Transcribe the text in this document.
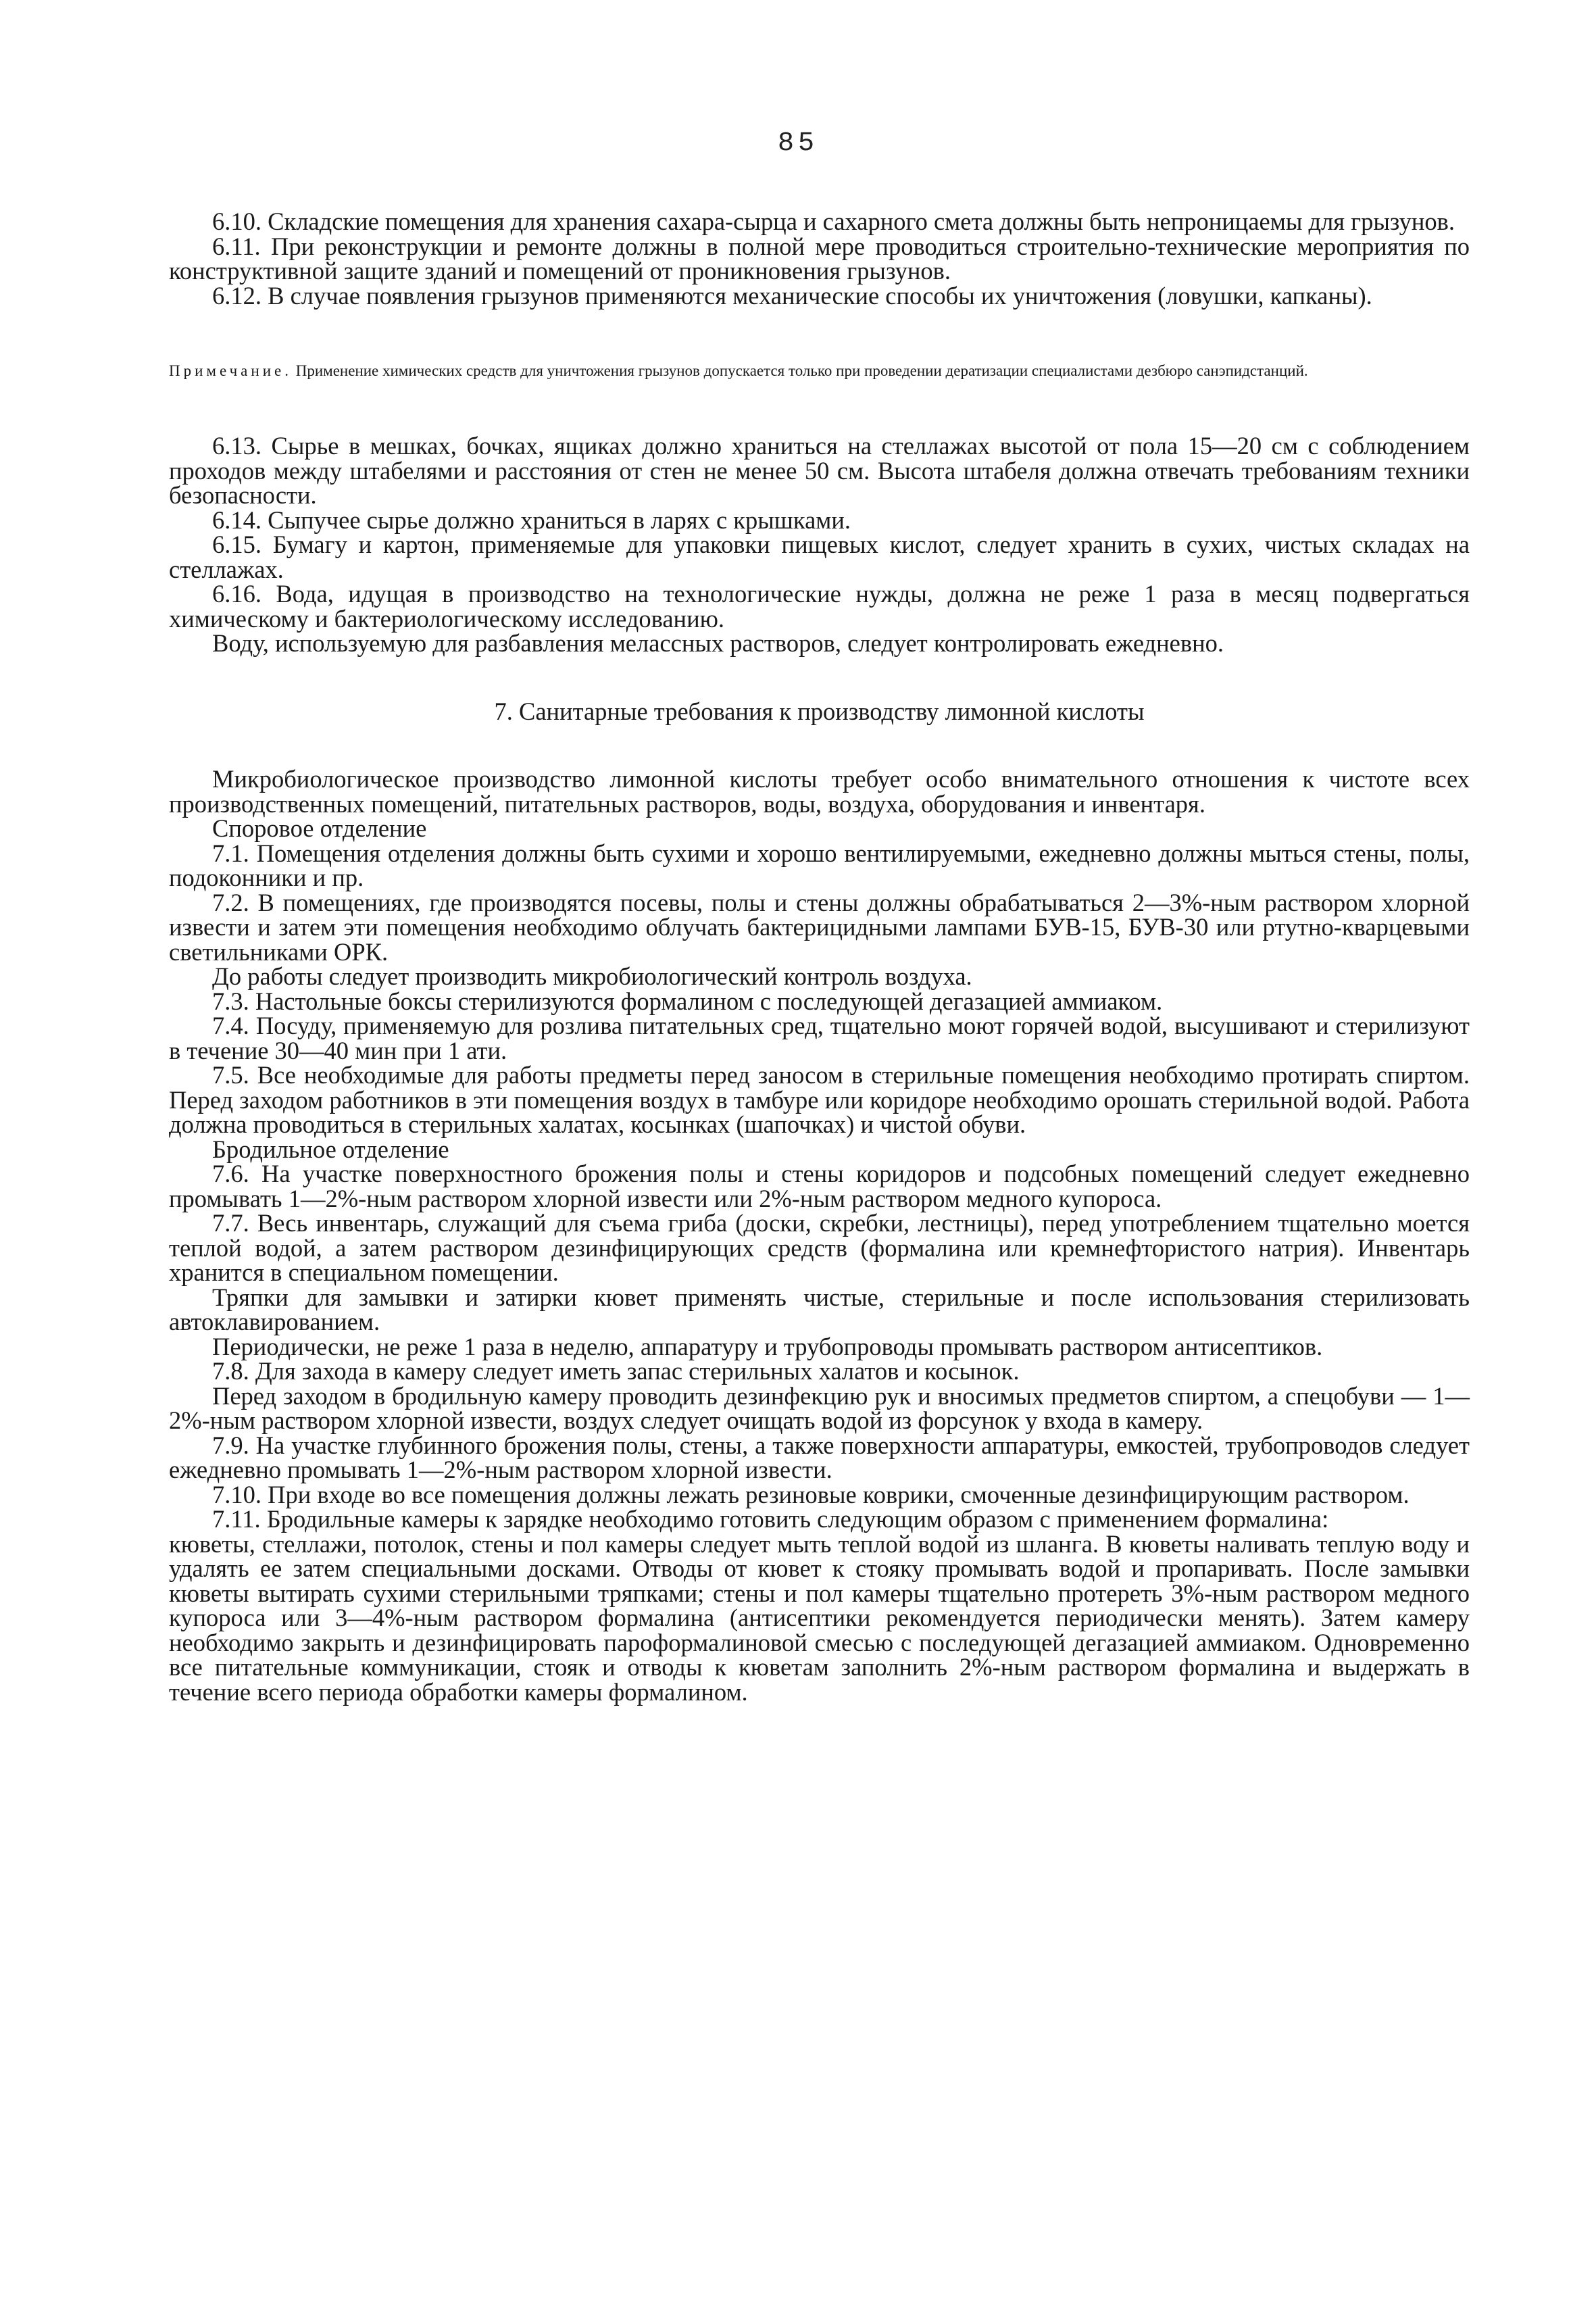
85

6.10. Складские помещения для хранения сахара-сырца и сахарного смета должны быть непроницаемы для грызунов.

6.11. При реконструкции и ремонте должны в полной мере проводиться строительно-технические мероприятия по конструктивной защите зданий и помещений от проникновения грызунов.

6.12. В случае появления грызунов применяются механические способы их уничтожения (ловушки, капканы).

Примечание. Применение химических средств для уничтожения грызунов допускается только при проведении дератизации специалистами дезбюро санэпидстанций.

6.13. Сырье в мешках, бочках, ящиках должно храниться на стеллажах высотой от пола 15—20 см с соблюдением проходов между штабелями и расстояния от стен не менее 50 см. Высота штабеля должна отвечать требованиям техники безопасности.

6.14. Сыпучее сырье должно храниться в ларях с крышками.

6.15. Бумагу и картон, применяемые для упаковки пищевых кислот, следует хранить в сухих, чистых складах на стеллажах.

6.16. Вода, идущая в производство на технологические нужды, должна не реже 1 раза в месяц подвергаться химическому и бактериологическому исследованию.

Воду, используемую для разбавления мелассных растворов, следует контролировать ежедневно.

7. Санитарные требования к производству лимонной кислоты

Микробиологическое производство лимонной кислоты требует особо внимательного отношения к чистоте всех производственных помещений, питательных растворов, воды, воздуха, оборудования и инвентаря.

Споровое отделение

7.1. Помещения отделения должны быть сухими и хорошо вентилируемыми, ежедневно должны мыться стены, полы, подоконники и пр.

7.2. В помещениях, где производятся посевы, полы и стены должны обрабатываться 2—3%-ным раствором хлорной извести и затем эти помещения необходимо облучать бактерицидными лампами БУВ-15, БУВ-30 или ртутно-кварцевыми светильниками ОРК.

До работы следует производить микробиологический контроль воздуха.

7.3. Настольные боксы стерилизуются формалином с последующей дегазацией аммиаком.

7.4. Посуду, применяемую для розлива питательных сред, тщательно моют горячей водой, высушивают и стерилизуют в течение 30—40 мин при 1 ати.

7.5. Все необходимые для работы предметы перед заносом в стерильные помещения необходимо протирать спиртом. Перед заходом работников в эти помещения воздух в тамбуре или коридоре необходимо орошать стерильной водой. Работа должна проводиться в стерильных халатах, косынках (шапочках) и чистой обуви.

Бродильное отделение

7.6. На участке поверхностного брожения полы и стены коридоров и подсобных помещений следует ежедневно промывать 1—2%-ным раствором хлорной извести или 2%-ным раствором медного купороса.

7.7. Весь инвентарь, служащий для съема гриба (доски, скребки, лестницы), перед употреблением тщательно моется теплой водой, а затем раствором дезинфицирующих средств (формалина или кремнефтористого натрия). Инвентарь хранится в специальном помещении.

Тряпки для замывки и затирки кювет применять чистые, стерильные и после использования стерилизовать автоклавированием.

Периодически, не реже 1 раза в неделю, аппаратуру и трубопроводы промывать раствором антисептиков.

7.8. Для захода в камеру следует иметь запас стерильных халатов и косынок.

Перед заходом в бродильную камеру проводить дезинфекцию рук и вносимых предметов спиртом, а спецобуви — 1—2%-ным раствором хлорной извести, воздух следует очищать водой из форсунок у входа в камеру.

7.9. На участке глубинного брожения полы, стены, а также поверхности аппаратуры, емкостей, трубопроводов следует ежедневно промывать 1—2%-ным раствором хлорной извести.

7.10. При входе во все помещения должны лежать резиновые коврики, смоченные дезинфицирующим раствором.

7.11. Бродильные камеры к зарядке необходимо готовить следующим образом с применением формалина:

кюветы, стеллажи, потолок, стены и пол камеры следует мыть теплой водой из шланга. В кюветы наливать теплую воду и удалять ее затем специальными досками. Отводы от кювет к стояку промывать водой и пропаривать. После замывки кюветы вытирать сухими стерильными тряпками; стены и пол камеры тщательно протереть 3%-ным раствором медного купороса или 3—4%-ным раствором формалина (антисептики рекомендуется периодически менять). Затем камеру необходимо закрыть и дезинфицировать пароформалиновой смесью с последующей дегазацией аммиаком. Одновременно все питательные коммуникации, стояк и отводы к кюветам заполнить 2%-ным раствором формалина и выдержать в течение всего периода обработки камеры формалином.
